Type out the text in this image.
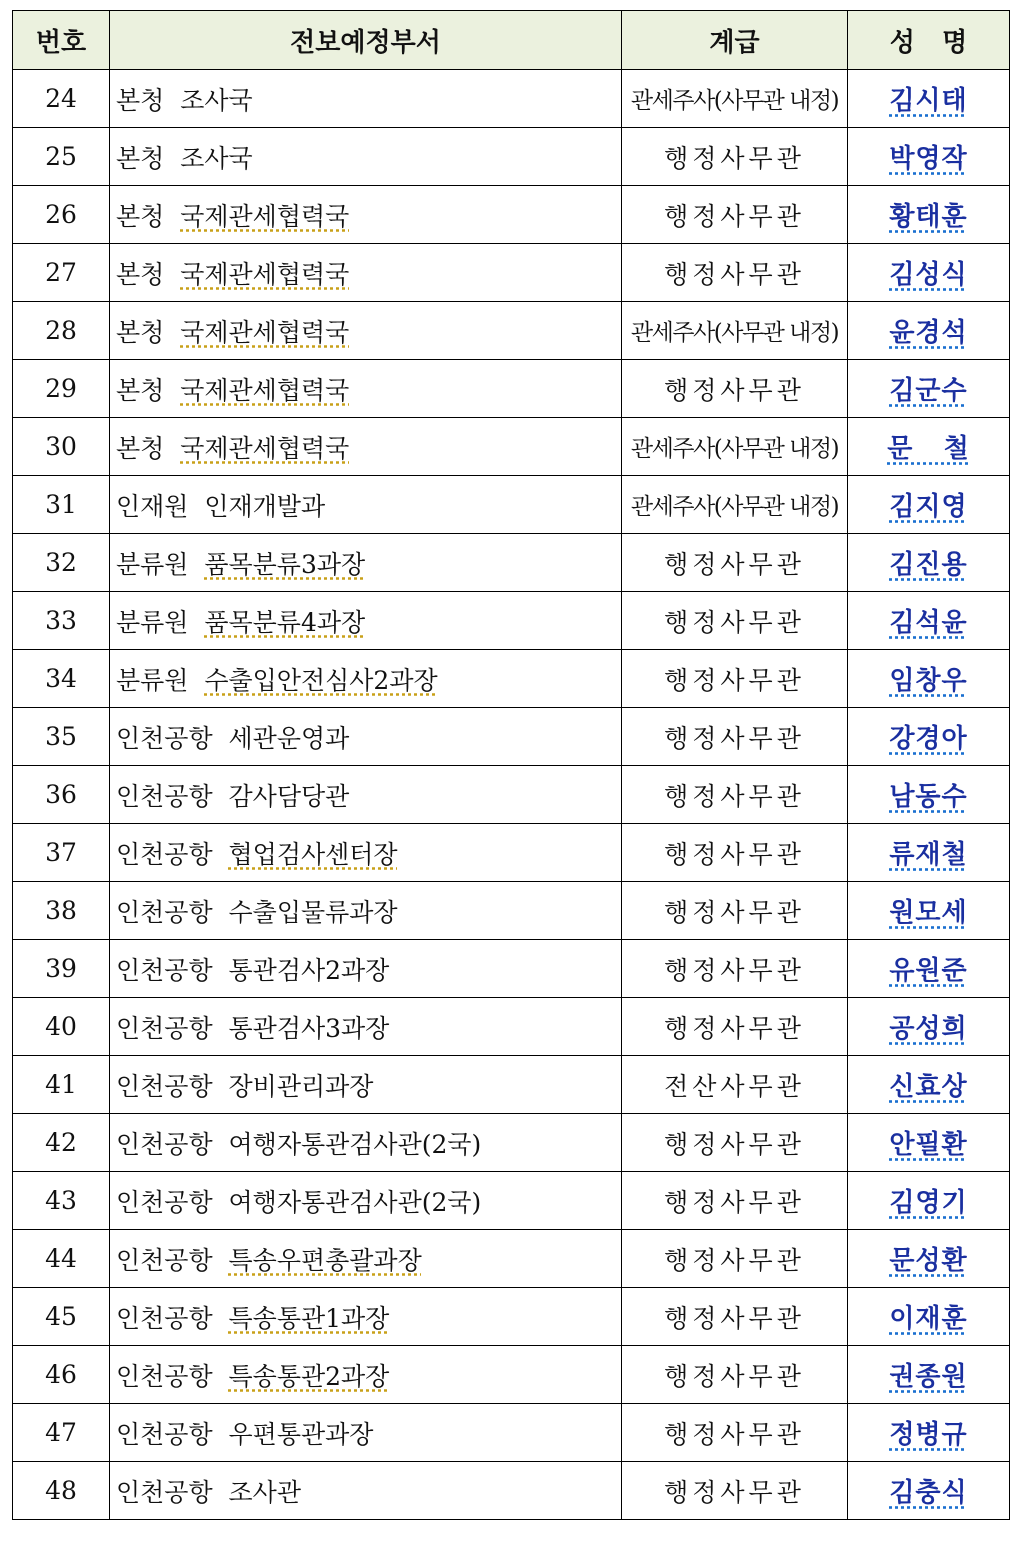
번호	전보예정부서	계급	성   명
24	본청 조사국	관세주사(사무관 내정)	김시태
25	본청 조사국	행정사무관	박영작
26	본청 국제관세협력국	행정사무관	황태훈
27	본청 국제관세협력국	행정사무관	김성식
28	본청 국제관세협력국	관세주사(사무관 내정)	윤경석
29	본청 국제관세협력국	행정사무관	김군수
30	본청 국제관세협력국	관세주사(사무관 내정)	문   철
31	인재원 인재개발과	관세주사(사무관 내정)	김지영
32	분류원 품목분류3과장	행정사무관	김진용
33	분류원 품목분류4과장	행정사무관	김석윤
34	분류원 수출입안전심사2과장	행정사무관	임창우
35	인천공항 세관운영과	행정사무관	강경아
36	인천공항 감사담당관	행정사무관	남동수
37	인천공항 협업검사센터장	행정사무관	류재철
38	인천공항 수출입물류과장	행정사무관	원모세
39	인천공항 통관검사2과장	행정사무관	유원준
40	인천공항 통관검사3과장	행정사무관	공성희
41	인천공항 장비관리과장	전산사무관	신효상
42	인천공항 여행자통관검사관(2국)	행정사무관	안필환
43	인천공항 여행자통관검사관(2국)	행정사무관	김영기
44	인천공항 특송우편총괄과장	행정사무관	문성환
45	인천공항 특송통관1과장	행정사무관	이재훈
46	인천공항 특송통관2과장	행정사무관	권종원
47	인천공항 우편통관과장	행정사무관	정병규
48	인천공항 조사관	행정사무관	김충식
